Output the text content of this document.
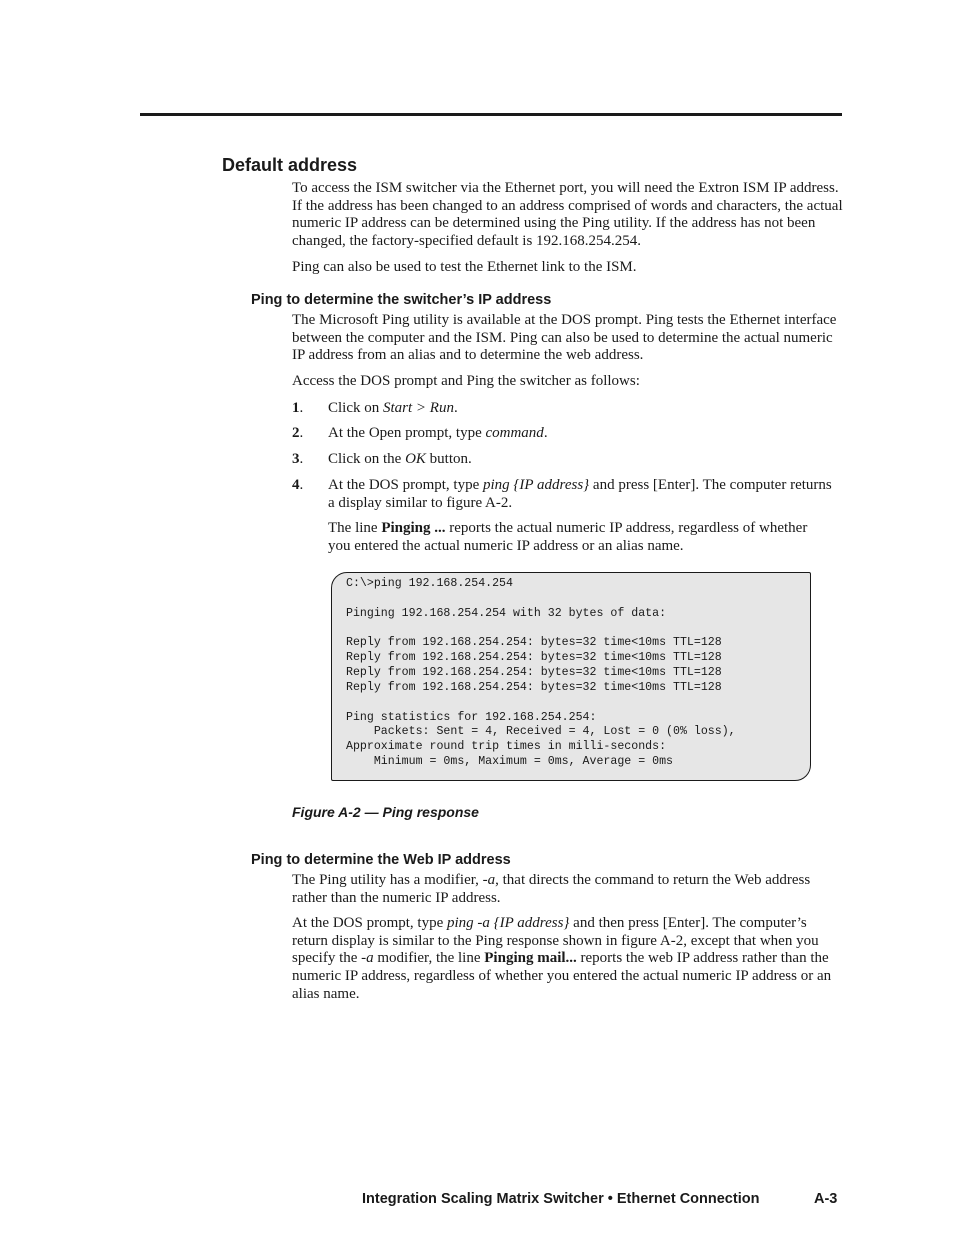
Default address

To access the ISM switcher via the Ethernet port, you will need the Extron ISM IP address. If the address has been changed to an address comprised of words and characters, the actual numeric IP address can be determined using the Ping utility. If the address has not been changed, the factory-specified default is 192.168.254.254.

Ping can also be used to test the Ethernet link to the ISM.

Ping to determine the switcher’s IP address

The Microsoft Ping utility is available at the DOS prompt. Ping tests the Ethernet interface between the computer and the ISM. Ping can also be used to determine the actual numeric IP address from an alias and to determine the web address.

Access the DOS prompt and Ping the switcher as follows:

1. Click on Start > Run.

2. At the Open prompt, type command.

3. Click on the OK button.

4. At the DOS prompt, type ping {IP address} and press [Enter]. The computer returns a display similar to figure A-2.

The line Pinging ... reports the actual numeric IP address, regardless of whether you entered the actual numeric IP address or an alias name.

C:\>ping 192.168.254.254

Pinging 192.168.254.254 with 32 bytes of data:

Reply from 192.168.254.254: bytes=32 time<10ms TTL=128
Reply from 192.168.254.254: bytes=32 time<10ms TTL=128
Reply from 192.168.254.254: bytes=32 time<10ms TTL=128
Reply from 192.168.254.254: bytes=32 time<10ms TTL=128

Ping statistics for 192.168.254.254:
Packets: Sent = 4, Received = 4, Lost = 0 (0% loss),
Approximate round trip times in milli-seconds:
Minimum = 0ms, Maximum = 0ms, Average = 0ms
Figure A-2 — Ping response
Ping to determine the Web IP address

The Ping utility has a modifier, -a, that directs the command to return the Web address rather than the numeric IP address.

At the DOS prompt, type ping -a {IP address} and then press [Enter]. The computer’s return display is similar to the Ping response shown in figure A-2, except that when you specify the -a modifier, the line Pinging mail... reports the web IP address rather than the numeric IP address, regardless of whether you entered the actual numeric IP address or an alias name.

Integration Scaling Matrix Switcher • Ethernet Connection	A-3
